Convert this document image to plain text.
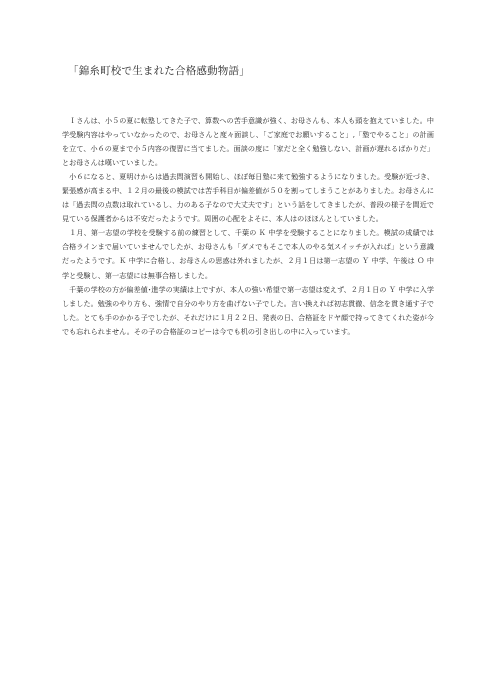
「錦糸町校で生まれた合格感動物語」

　Ｉさんは、小５の夏に転塾してきた子で、算数への苦手意識が強く、お母さんも、本人も頭を抱えていました。中学受験内容はやっていなかったので、お母さんと度々面談し、「ご家庭でお願いすること」,「塾でやること」の計画を立て、小６の夏まで小５内容の復習に当てました。面談の度に「家だと全く勉強しない、計画が遅れるばかりだ」とお母さんは嘆いていました。

　小６になると、夏明けからは過去問演習も開始し、ほぼ毎日塾に来て勉強するようになりました。受験が近づき、緊張感が高まる中、１２月の最後の模試では苦手科目が偏差値が５０を割ってしまうことがありました。お母さんには「過去問の点数は取れているし、力のある子なので大丈夫です」という話をしてきましたが、普段の様子を間近で見ている保護者からは不安だったようです。周囲の心配をよそに、本人はのほほんとしていました。

　１月、第一志望の学校を受験する前の練習として、千葉の Ｋ 中学を受験することになりました。模試の成績では合格ラインまで届いていませんでしたが、お母さんも「ダメでもそこで本人のやる気スイッチが入れば」という意識だったようです。Ｋ 中学に合格し、お母さんの思惑は外れましたが、２月１日は第一志望の Ｙ 中学、午後は Ｏ 中学と受験し、第一志望には無事合格しました。

　千葉の学校の方が偏差値･進学の実績は上ですが、本人の強い希望で第一志望は変えず、２月１日の Ｙ 中学に入学しました。勉強のやり方も、強情で自分のやり方を曲げない子でした。言い換えれば初志貫徹、信念を貫き通す子でした。とても手のかかる子でしたが、それだけに１月２２日、発表の日、合格証をドヤ顔で持ってきてくれた姿が今でも忘れられません。その子の合格証のコピーは今でも机の引き出しの中に入っています。
